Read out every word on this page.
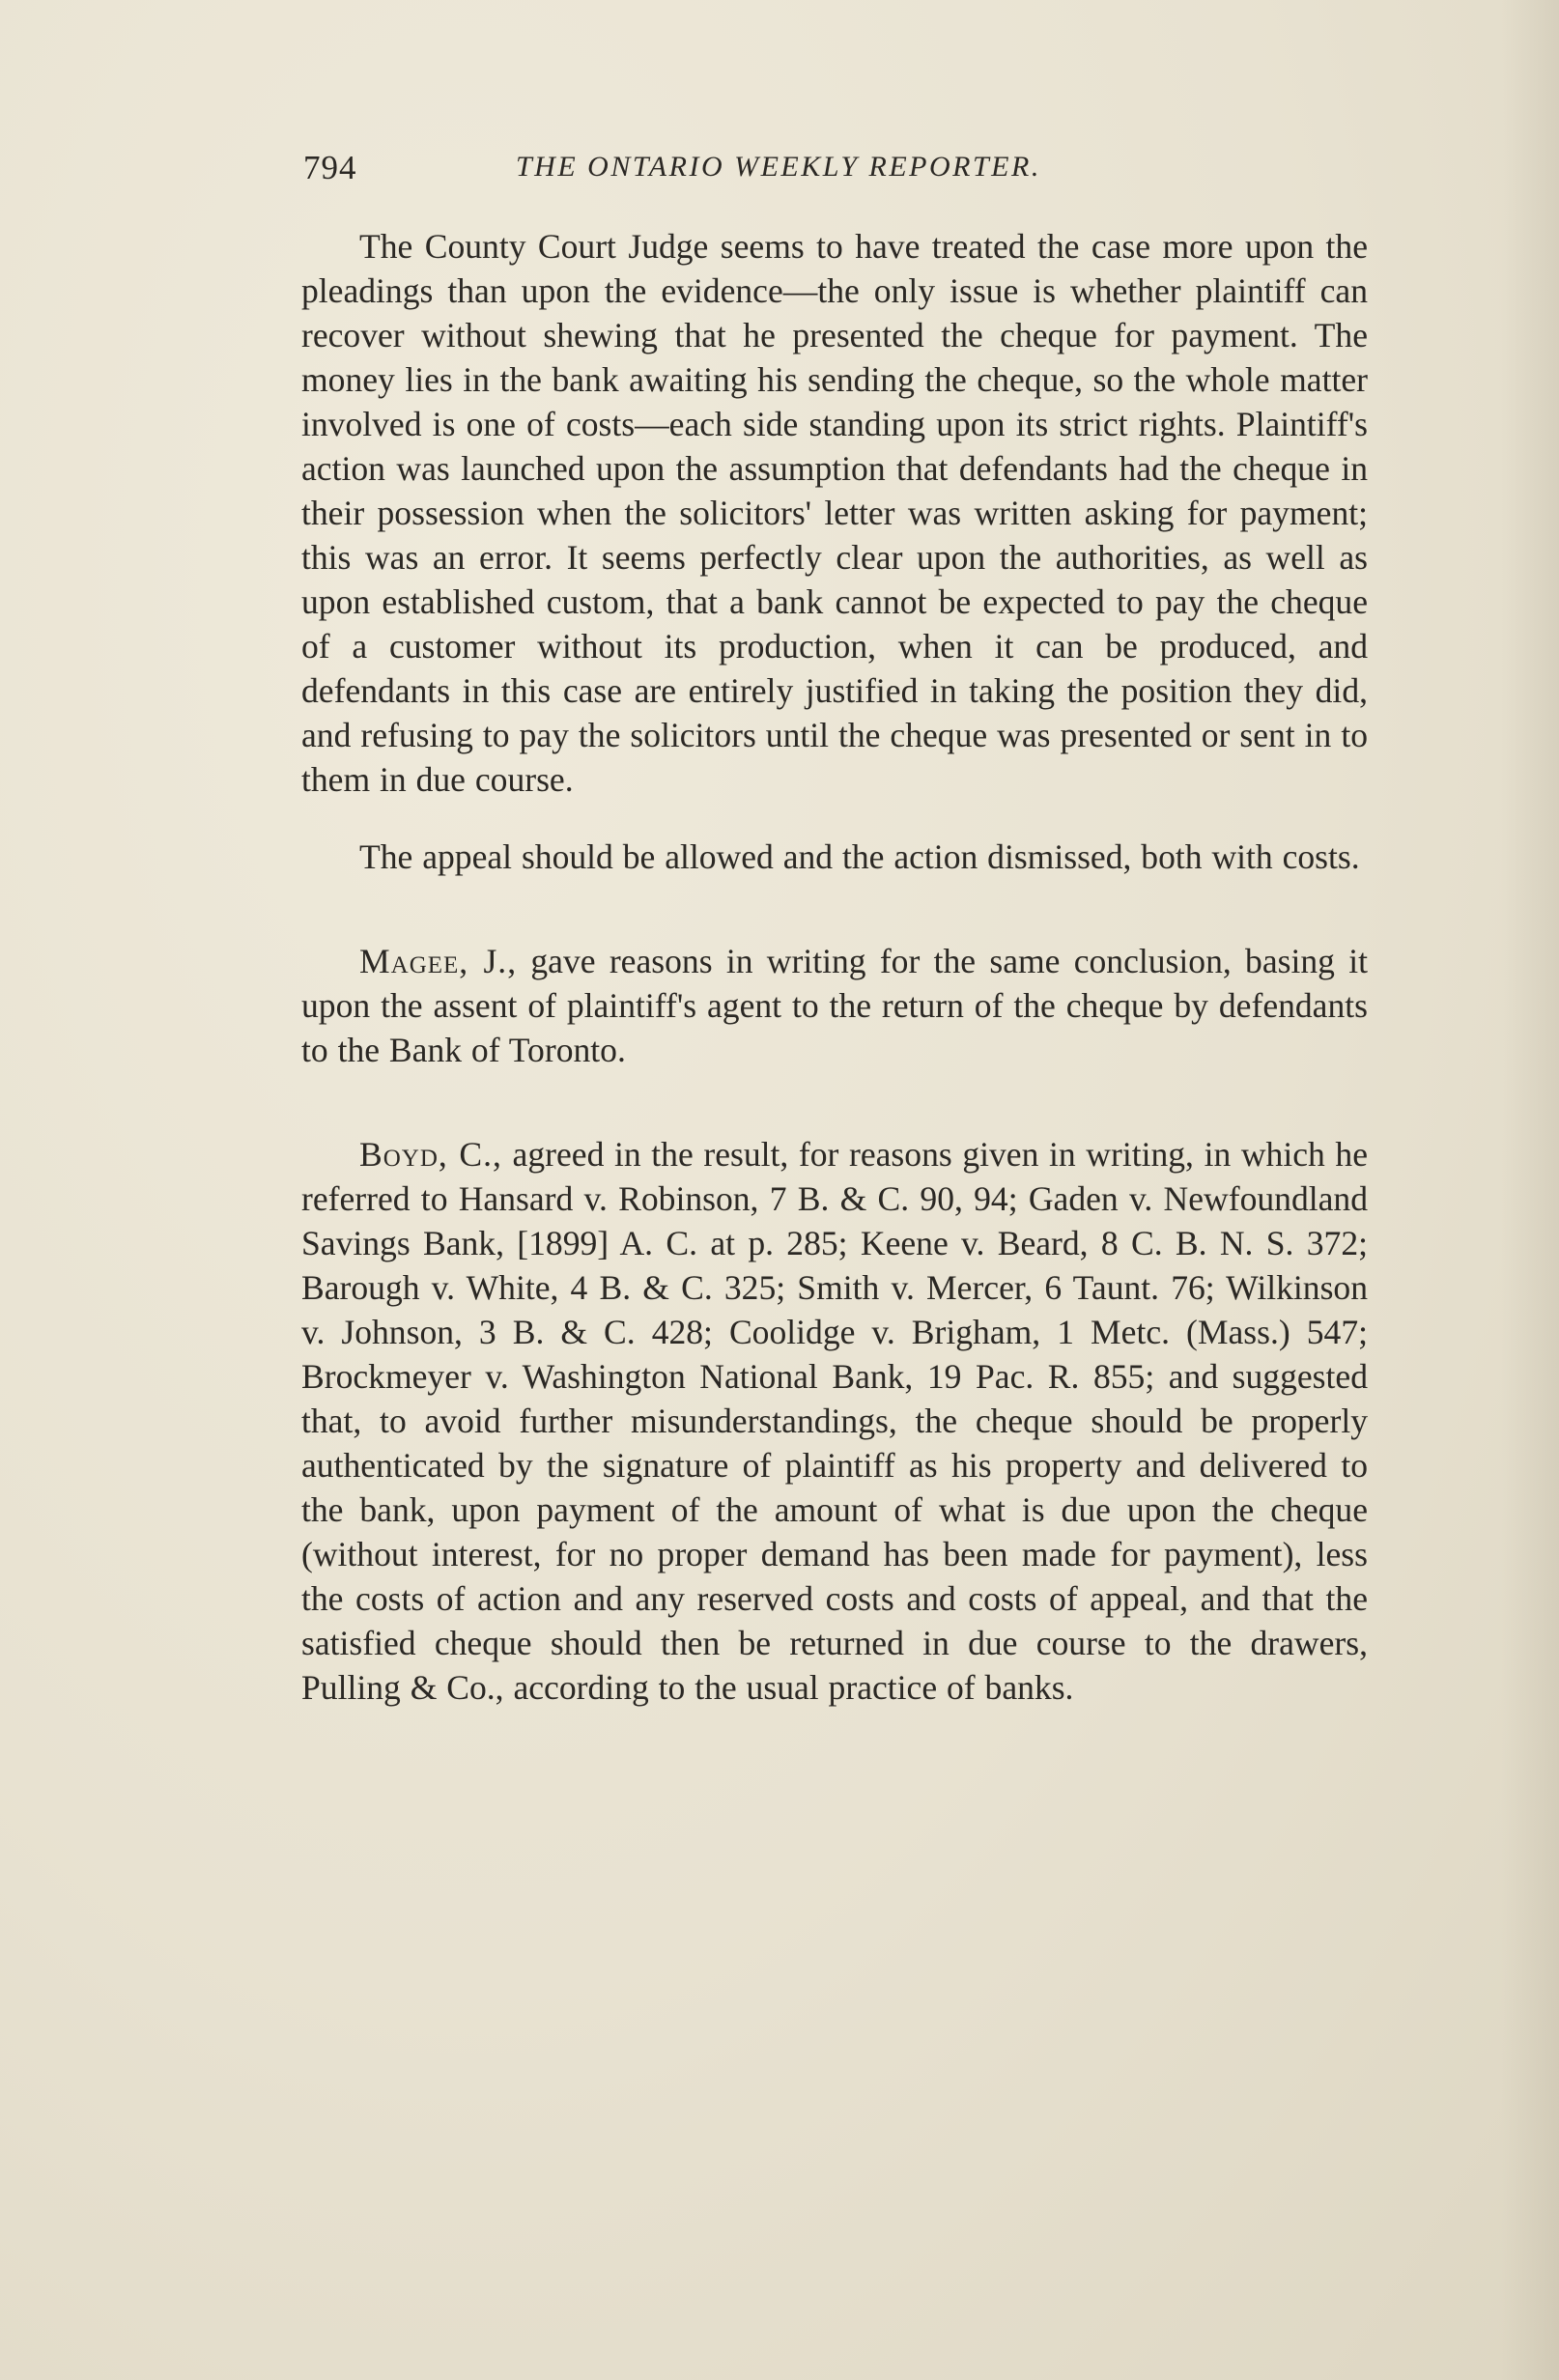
794	THE ONTARIO WEEKLY REPORTER.

The County Court Judge seems to have treated the case more upon the pleadings than upon the evidence—the only issue is whether plaintiff can recover without shewing that he presented the cheque for payment. The money lies in the bank awaiting his sending the cheque, so the whole matter involved is one of costs—each side standing upon its strict rights. Plaintiff's action was launched upon the assumption that defendants had the cheque in their possession when the solicitors' letter was written asking for payment; this was an error. It seems perfectly clear upon the authorities, as well as upon established custom, that a bank cannot be expected to pay the cheque of a customer without its production, when it can be produced, and defendants in this case are entirely justified in taking the position they did, and refusing to pay the solicitors until the cheque was presented or sent in to them in due course.

The appeal should be allowed and the action dismissed, both with costs.

Magee, J., gave reasons in writing for the same conclusion, basing it upon the assent of plaintiff's agent to the return of the cheque by defendants to the Bank of Toronto.

Boyd, C., agreed in the result, for reasons given in writing, in which he referred to Hansard v. Robinson, 7 B. & C. 90, 94; Gaden v. Newfoundland Savings Bank, [1899] A. C. at p. 285; Keene v. Beard, 8 C. B. N. S. 372; Barough v. White, 4 B. & C. 325; Smith v. Mercer, 6 Taunt. 76; Wilkinson v. Johnson, 3 B. & C. 428; Coolidge v. Brigham, 1 Metc. (Mass.) 547; Brockmeyer v. Washington National Bank, 19 Pac. R. 855; and suggested that, to avoid further misunderstandings, the cheque should be properly authenticated by the signature of plaintiff as his property and delivered to the bank, upon payment of the amount of what is due upon the cheque (without interest, for no proper demand has been made for payment), less the costs of action and any reserved costs and costs of appeal, and that the satisfied cheque should then be returned in due course to the drawers, Pulling & Co., according to the usual practice of banks.
